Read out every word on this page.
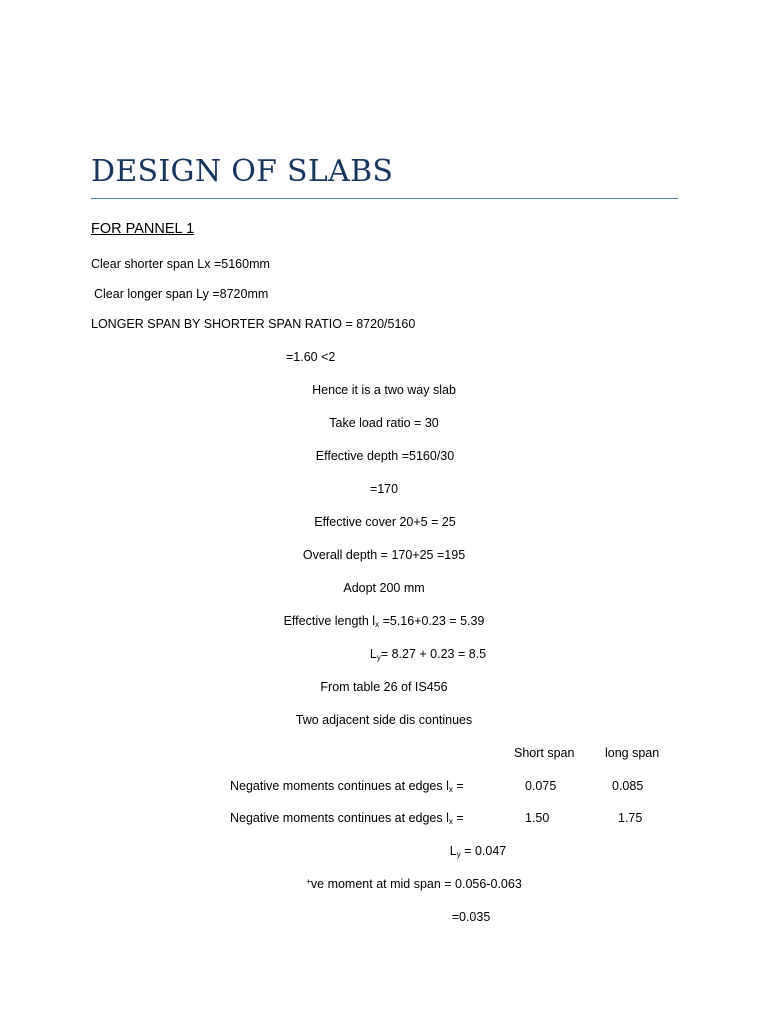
DESIGN OF SLABS
FOR PANNEL 1
Clear shorter span Lx =5160mm
Clear longer span Ly =8720mm
LONGER SPAN BY SHORTER SPAN RATIO = 8720/5160
=1.60 <2
Hence it is a two way slab
Take load ratio = 30
Effective depth =5160/30
=170
Effective cover 20+5 = 25
Overall depth = 170+25 =195
Adopt 200 mm
Effective length $l_x =5.16+0.23 = 5.39$
$L_y= 8.27 + 0.23 = 8.5$
From table 26 of IS456
Two adjacent side dis continues
Short span long span
Negative moments continues at edges $l_x$ =	0.075	0.085
Negative moments continues at edges $l_x$ =	1.50	1.75
$L_y = 0.047$
+ve moment at mid span = 0.056-0.063
=0.035
